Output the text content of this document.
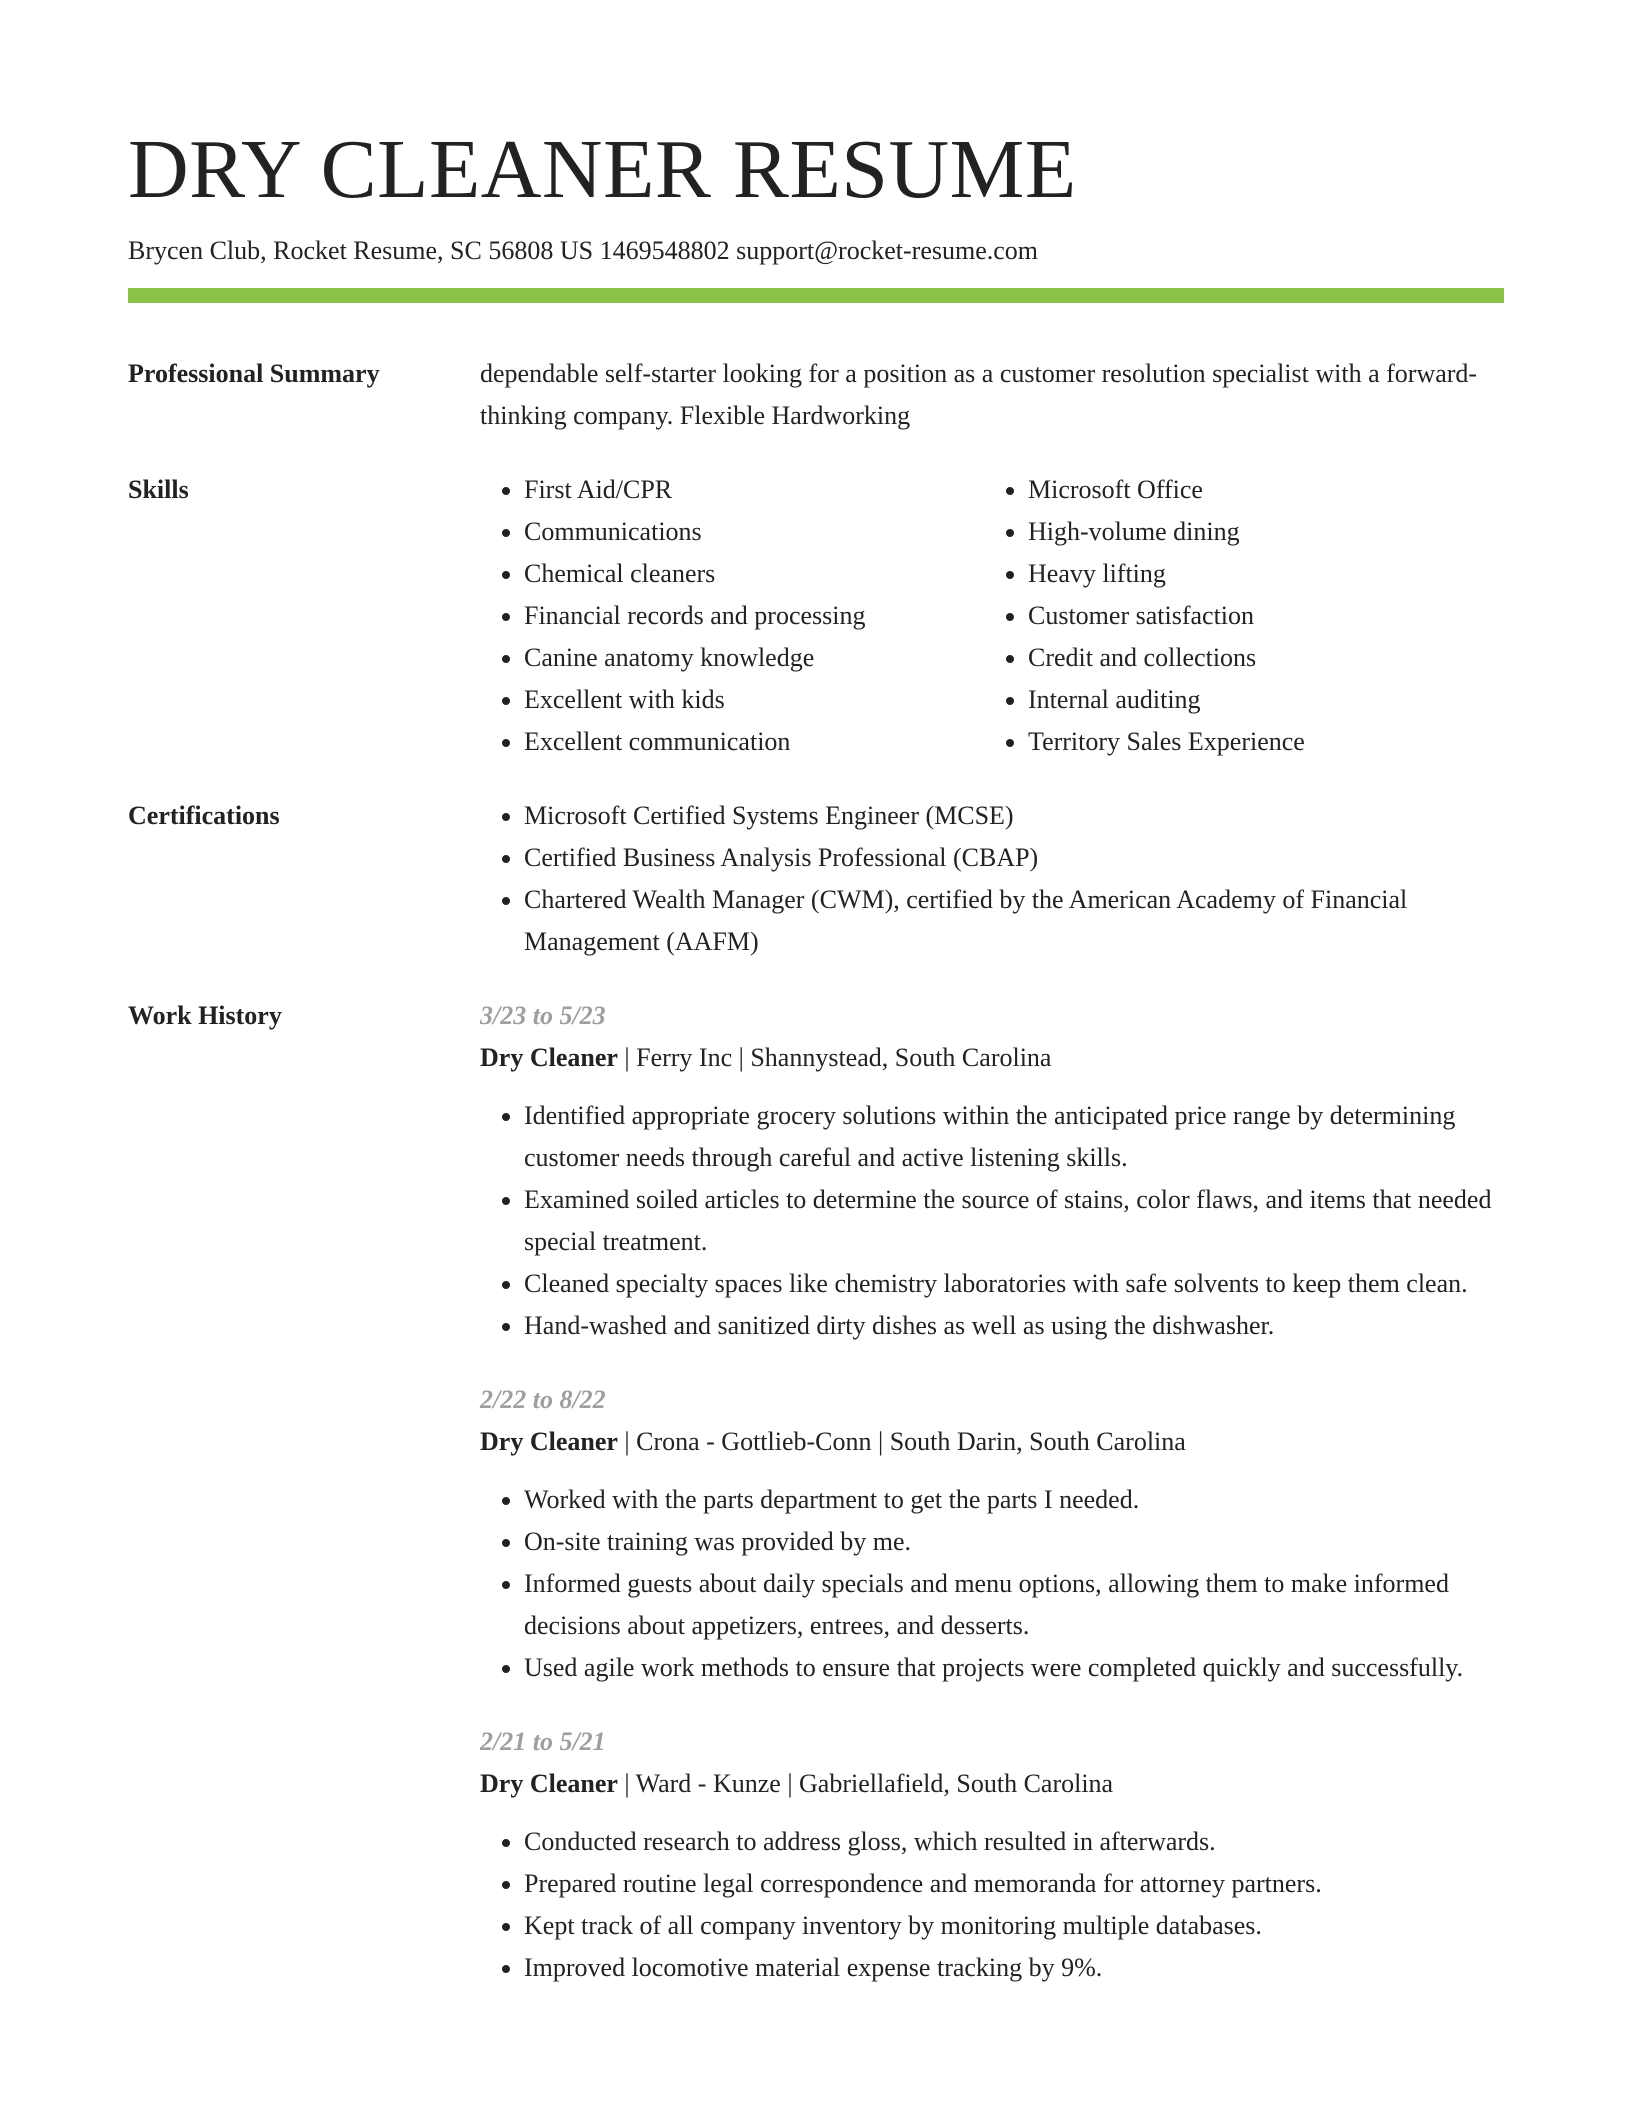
DRY CLEANER RESUME
Brycen Club, Rocket Resume, SC 56808 US 1469548802 support@rocket-resume.com
Professional Summary	dependable self-starter looking for a position as a customer resolution specialist with a forward-thinking company. Flexible Hardworking
Skills	• First Aid/CPR
• Communications
• Chemical cleaners
• Financial records and processing
• Canine anatomy knowledge
• Excellent with kids
• Excellent communication
• Microsoft Office
• High-volume dining
• Heavy lifting
• Customer satisfaction
• Credit and collections
• Internal auditing
• Territory Sales Experience
Certifications	• Microsoft Certified Systems Engineer (MCSE)
• Certified Business Analysis Professional (CBAP)
• Chartered Wealth Manager (CWM), certified by the American Academy of Financial Management (AAFM)
Work History	3/23 to 5/23
Dry Cleaner | Ferry Inc | Shannystead, South Carolina
• Identified appropriate grocery solutions within the anticipated price range by determining customer needs through careful and active listening skills.
• Examined soiled articles to determine the source of stains, color flaws, and items that needed special treatment.
• Cleaned specialty spaces like chemistry laboratories with safe solvents to keep them clean.
• Hand-washed and sanitized dirty dishes as well as using the dishwasher.
2/22 to 8/22
Dry Cleaner | Crona - Gottlieb-Conn | South Darin, South Carolina
• Worked with the parts department to get the parts I needed.
• On-site training was provided by me.
• Informed guests about daily specials and menu options, allowing them to make informed decisions about appetizers, entrees, and desserts.
• Used agile work methods to ensure that projects were completed quickly and successfully.
2/21 to 5/21
Dry Cleaner | Ward - Kunze | Gabriellafield, South Carolina
• Conducted research to address gloss, which resulted in afterwards.
• Prepared routine legal correspondence and memoranda for attorney partners.
• Kept track of all company inventory by monitoring multiple databases.
• Improved locomotive material expense tracking by 9%.
